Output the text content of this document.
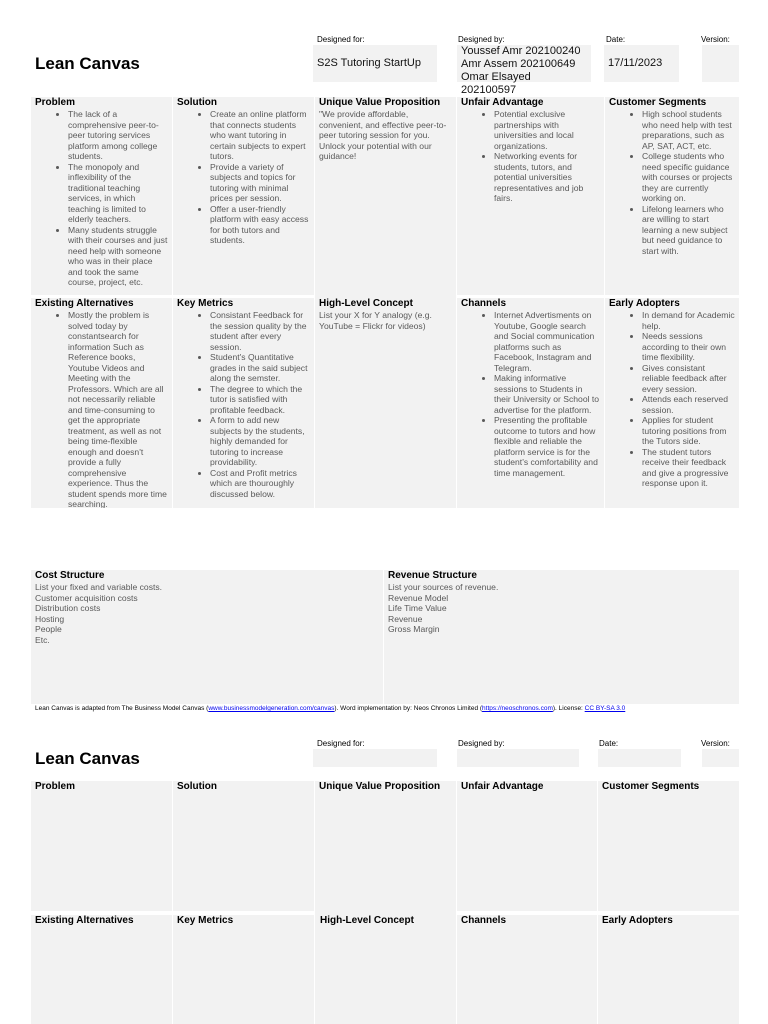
Lean Canvas
Designed for:
S2S Tutoring StartUp
Designed by:
Youssef Amr 202100240
Amr Assem 202100649
Omar Elsayed 202100597
Date:
17/11/2023
Version:
Problem
• The lack of a comprehensive peer-to-peer tutoring services platform among college students.
• The monopoly and inflexibility of the traditional teaching services, in which teaching is limited to elderly teachers.
• Many students struggle with their courses and just need help with someone who was in their place and took the same course, project, etc.
Solution
• Create an online platform that connects students who want tutoring in certain subjects to expert tutors.
• Provide a variety of subjects and topics for tutoring with minimal prices per session.
• Offer a user-friendly platform with easy access for both tutors and students.
Unique Value Proposition
"We provide affordable, convenient, and effective peer-to-peer tutoring session for you. Unlock your potential with our guidance!
Unfair Advantage
• Potential exclusive partnerships with universities and local organizations.
• Networking events for students, tutors, and potential universities representatives and job fairs.
Customer Segments
• High school students who need help with test preparations, such as AP, SAT, ACT, etc.
• College students who need specific guidance with courses or projects they are currently working on.
• Lifelong learners who are willing to start learning a new subject but need guidance to start with.
Existing Alternatives
• Mostly the problem is solved today by constantsearch for information Such as Reference books, Youtube Videos and Meeting with the Professors. Which are all not necessarily reliable and time-consuming to get the appropriate treatment, as well as not being time-flexible enough and doesn't provide a fully comprehensive experience. Thus the student spends more time searching.
Key Metrics
• Consistant Feedback for the session quality by the student after every session.
• Student's Quantitative grades in the said subject along the semster.
• The degree to which the tutor is satisfied with profitable feedback.
• A form to add new subjects by the students, highly demanded for tutoring to increase providability.
• Cost and Profit metrics which are thouroughly discussed below.
High-Level Concept
List your X for Y analogy (e.g. YouTube = Flickr for videos)
Channels
• Internet Advertisments on Youtube, Google search and Social communication platforms such as Facebook, Instagram and Telegram.
• Making informative sessions to Students in their University or School to advertise for the platform.
• Presenting the profitable outcome to tutors and how flexible and reliable the platform service is for the student's comfortability and time management.
Early Adopters
• In demand for Academic help.
• Needs sessions according to their own time flexibility.
• Gives consistant reliable feedback after every session.
• Attends each reserved session.
• Applies for student tutoring positions from the Tutors side.
• The student tutors receive their feedback and give a progressive response upon it.
Cost Structure
List your fixed and variable costs.
Customer acquisition costs
Distribution costs
Hosting
People
Etc.
Revenue Structure
List your sources of revenue.
Revenue Model
Life Time Value
Revenue
Gross Margin
Lean Canvas is adapted from The Business Model Canvas (www.businessmodelgeneration.com/canvas). Word implementation by: Neos Chronos Limited (https://neoschronos.com). License: CC BY-SA 3.0
Lean Canvas
Designed for:	Designed by:	Date:	Version:
Problem	Solution	Unique Value Proposition	Unfair Advantage	Customer Segments
Existing Alternatives	Key Metrics	High-Level Concept	Channels	Early Adopters
